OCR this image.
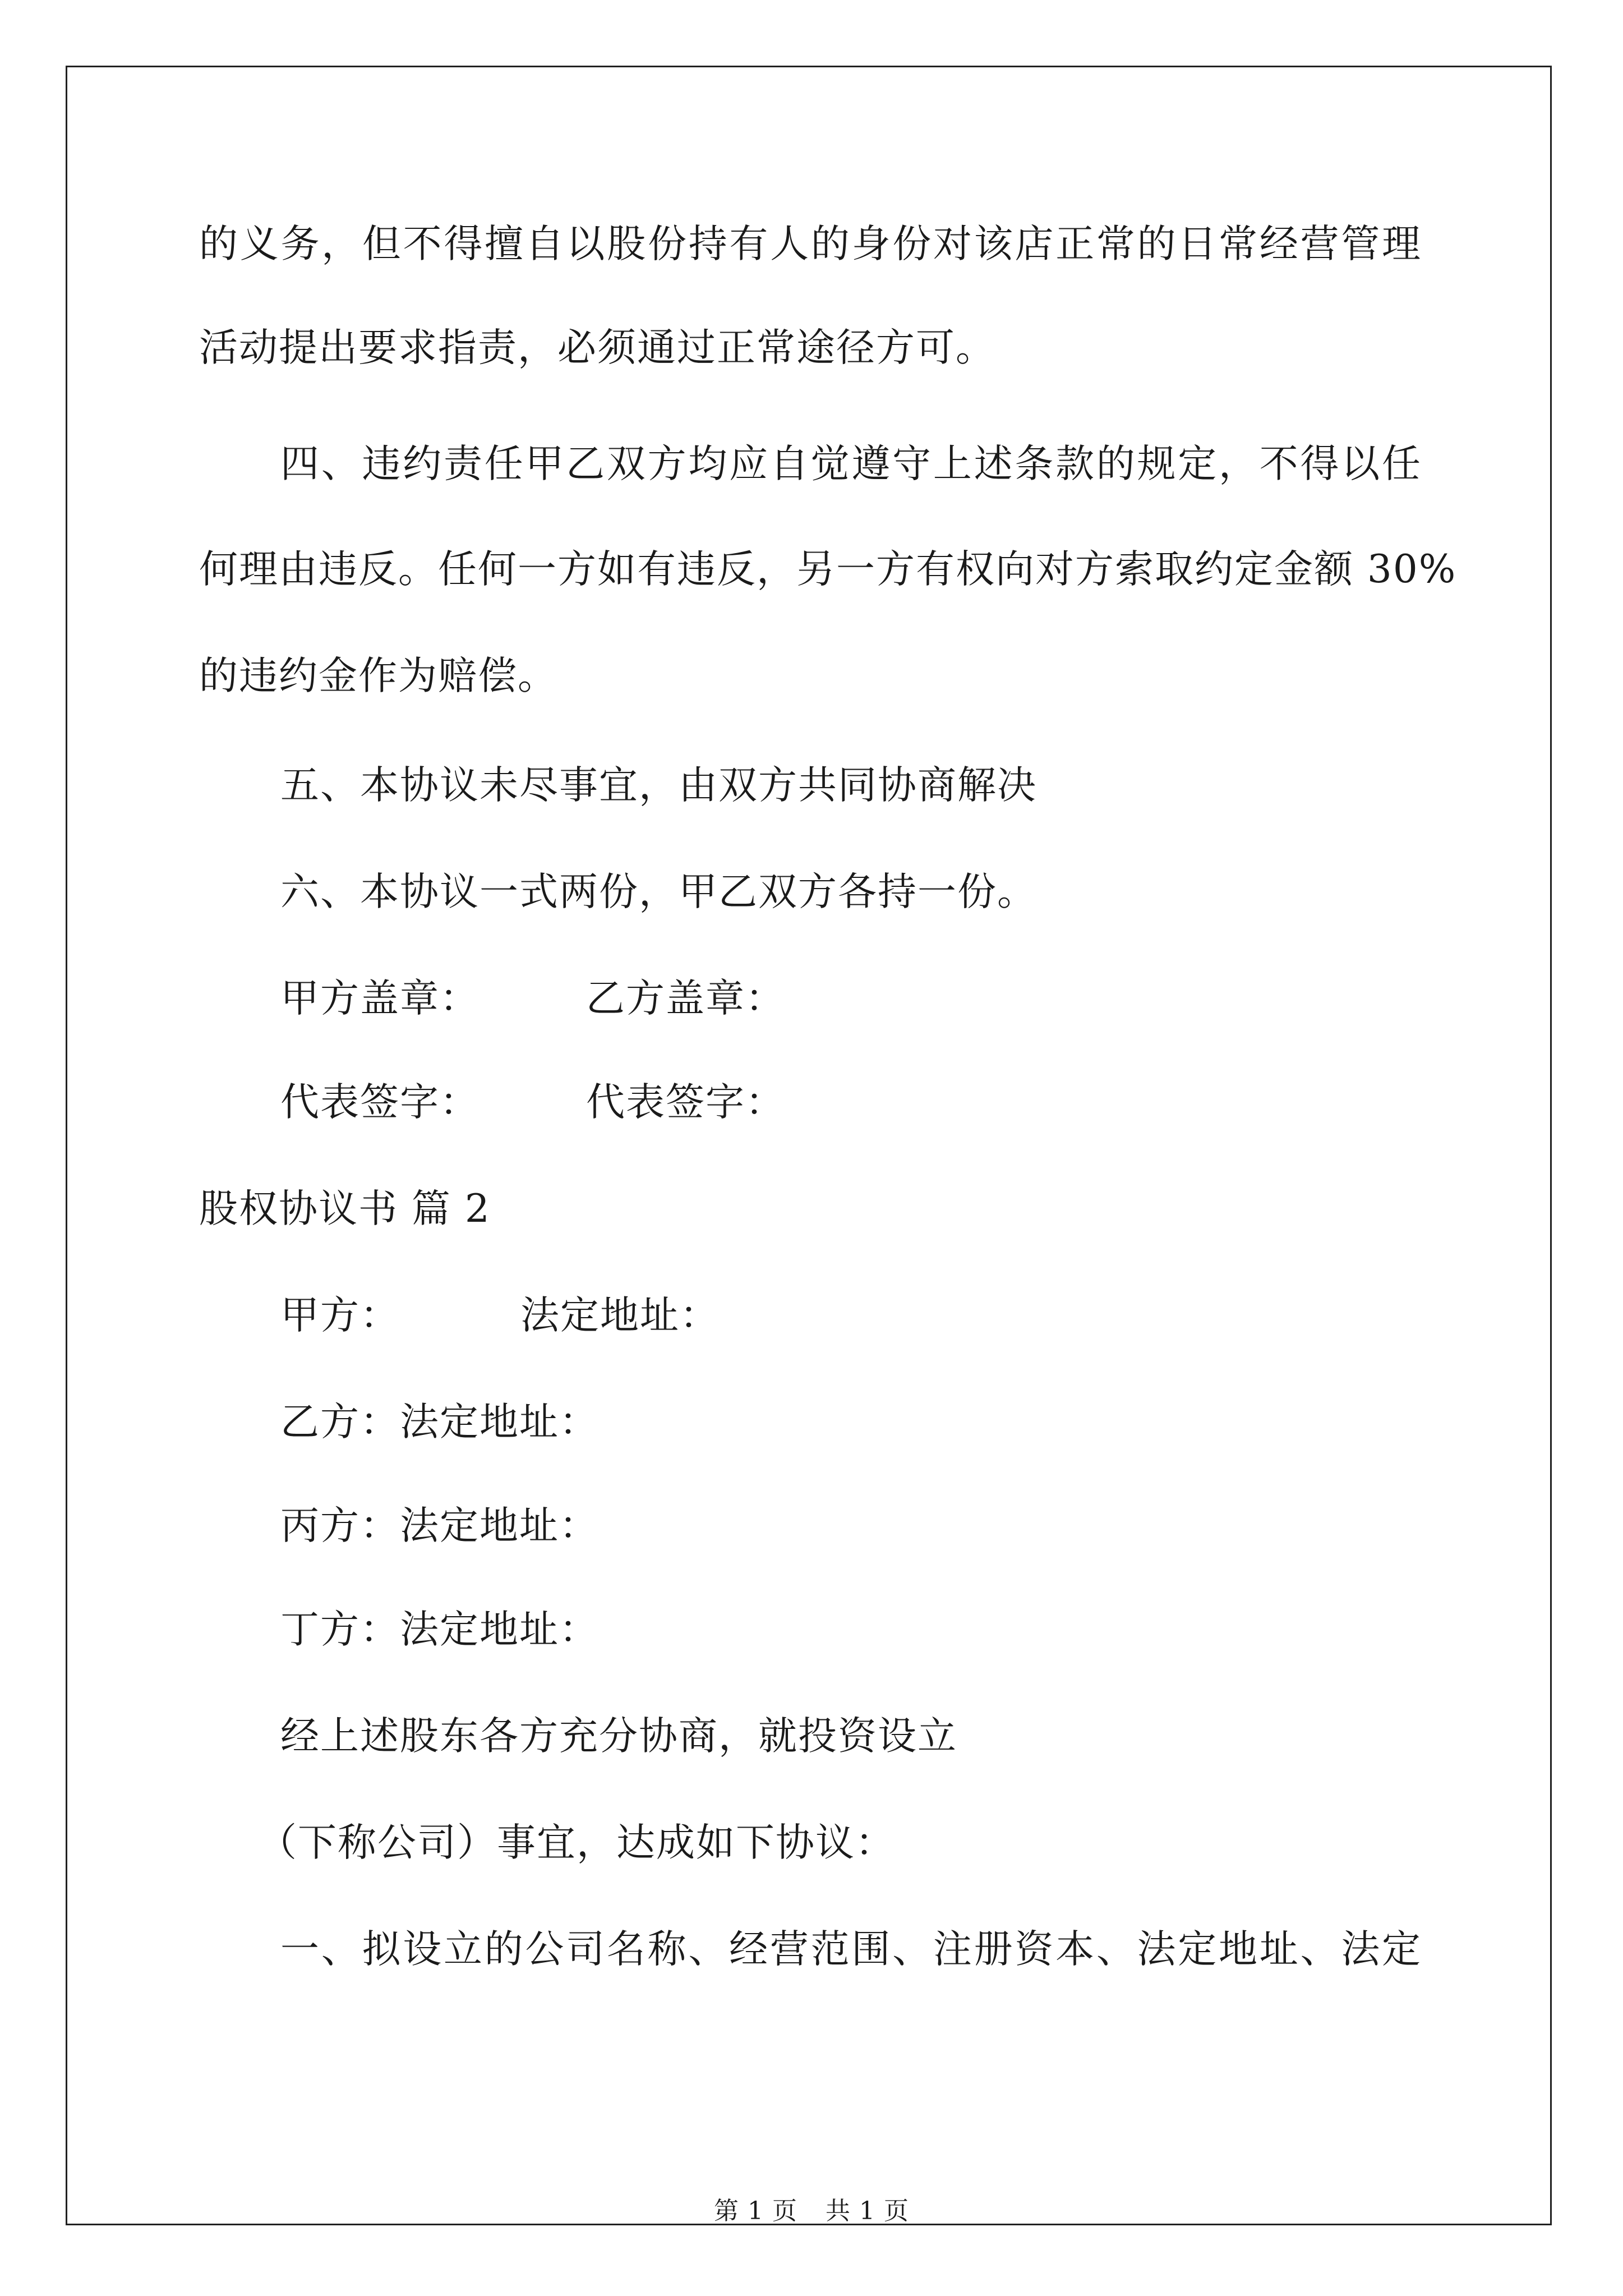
的义务，但不得擅自以股份持有人的身份对该店正常的日常经营管理
活动提出要求指责，必须通过正常途径方可。
四、违约责任甲乙双方均应自觉遵守上述条款的规定，不得以任
何理由违反。任何一方如有违反，另一方有权向对方索取约定金额 30%
的违约金作为赔偿。
五、本协议未尽事宜，由双方共同协商解决
六、本协议一式两份，甲乙双方各持一份。
甲方盖章：	乙方盖章：
代表签字：	代表签字：
股权协议书 篇 2
甲方：	法定地址：
乙方：法定地址：
丙方：法定地址：
丁方：法定地址：
经上述股东各方充分协商，就投资设立
（下称公司）事宜，达成如下协议：
一、拟设立的公司名称、经营范围、注册资本、法定地址、法定
第 1 页 共 1 页
